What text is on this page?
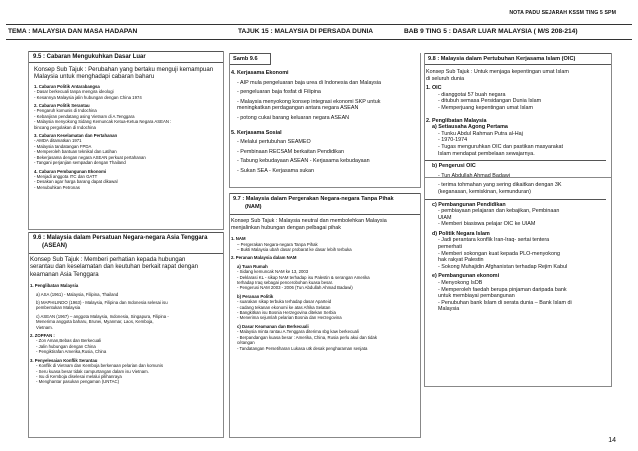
NOTA PADU SEJARAH KSSM TING 5 SPM
TEMA : MALAYSIA DAN MASA HADAPAN	TAJUK 15 : MALAYSIA DI PERSADA DUNIA	BAB 9 TING 5 : DASAR LUAR MALAYSIA ( M/S 208-214)
9.5 : Cabaran Mengukuhkan Dasar Luar
Konsep Sub Tajuk : Perubahan yang bertaku menguji kemampuan
Malaysia untuk menghadapi cabaran baharu
1. Cabaran Politik Antarabangsa
- Dasar berkecuali tanpa mengira ideologi
- Kesannya Malaysia jalin hubungan dengan China 1974
2. Cabaran Politik Serantau
- Pengaruh komunis di Indochina
- Kebanjiran pendatang asing Vietnam di A.Tenggara
- Malaysia menyokong Sidang Kemuncak Ketua-Ketua Negara ASEAN :
bincang pergolakan di Indochina
3. Cabaran Keselamatan dan Pertahanan
- AMDA ditamatkan 1971
- Malaysia tandatangan FPDA
- Memperoleh bantuan teknikal dan Latihan
- Bekerjasama dengan negara ASEAN perkuat pertahanan
- Tangani perjanjian sempadan dengan Thailand
4. Cabaran Pembangunan Ekonomi
- Menjadi anggota ITC dan GATT
- Desakan agar harga barang dapat dikawal
- Menubuhkan Petronas
9.6 : Malaysia dalam Persatuan Negara-negara Asia Tenggara
(ASEAN)
Konsep Sub Tajuk : Memberi perhatian kepada hubungan
serantau dan keselamatan dan keutuhan berkait rapat dengan
keamanan Asia Tenggara
1. Penglibatan Malaysia
a) ASA (1961) - Malaysia, Filipina, Thailand
b) MAPHILINDO (1963) - Malaysia, Filipina dan Indonesia selesai isu
pembentukan Malaysia
c) ASEAN (1967) – anggota Malaysia, Indonesia, Singapura, Filipina -
Menerima anggota baharu, Brunei, Myanmar, Laos, Kemboja,
Vietnam.
2. ZOPFAN :
- Zon Aman,Bebas dan Berkecuali
- Jalin hubungan dengan China
- Pengiktirafan Amerika,Rusia, China
3. Penyelesaian Konflik Serantau
- Konflik di Vietnam dan Kemboja berkenaan pelarian dan komunis
- Seru kuasa besar tidak campurtangan dalam isu Vietnam.
- Isu di Kemboja diselesai melalui pilihanraya
- Menghantar pasukan pengaman (UNTAC)
Samb 9.6
4. Kerjasama Ekonomi
- AIP mula pengeluaran baja urea di Indonesia dan Malaysia
- pengeluaran baja fosfat di Filipina
- Malaysia menyokong konsep integrasi ekonomi SKP untuk
meningkatkan perdagangan antara negara ASEAN
- potong cukai barang keluaran negara ASEAN
5. Kerjasama Sosial
- Melalui pertubuhan SEAMEO
- Pembinaan RECSAM berkaitan Pendidikan
- Tabung kebudayaan ASEAN - Kerjasama kebudayaan
- Sukan SEA - Kerjasama sukan
9.7 : Malaysia dalam Pergerakan Negara-negara Tanpa Pihak
(NAM)
Konsep Sub Tajuk : Malaysia neutral dan membolehkan Malaysia
menjalinkan hubungan dengan pelbagai pihak
1. NAM
– Pergerakan Negara-negara Tanpa Pihak
– Bukti Malaysia ubah dasar probarat ke dasar lebih terbuka
2. Peranan Malaysia dalam NAM
a) Tuan Rumah
- Sidang kemuncak NAM ke 13, 2003
- Deklarasi KL - sikap NAM terhadap isu Palestin & serangan Amerika
terhadap Iraq sebagai pencerobohan kuasa besar.
- Pengerusi NAM 2003 - 2006 (Tun Abdullah Ahmad Badawi)
b) Peranan Politik
- suarakan sikap terbuka terhadap dasar Aparteid
- cadang tekanan ekonomi ke atas Afrika Selatan
- Bangkitkan isu Bosnia Herzegovina ditekan Serbia
- Menerima sejumlah pelarian Bosnia dan Herzegovina
c) Dasar Keamanan dan Berkecuali
- Malaysia minta rantau A.Tenggara diterima sbg kaw berkecuali
- Berpandangan kuasa besar : Amerika, China, Rusia perlu akui dan tidak
cétangan
- Tandatangan Persetiharan Lukasa utk desak pengharaman senjata
9.8 : Malaysia dalam Pertubuhan Kerjasama Islam (OIC)
Konsep Sub Tajuk : Untuk menjaga kepentingan umat Islam
di seluruh dunia
1. OIC
- dianggotai 57 buah negara
- ditubuh semasa Persidangan Dunia Islam
- Memperjuang kepentingan umat Islam
2. Penglibatan Malaysia
a) Setiausaha Agong Pertama
- Tunku Abdul Rahman Putra al-Haj
- 1970-1974
- Tugas menguruhkan OIC dan pastikan masyarakat
Islam mendapat pembelaan sewajarnya.
b) Pengerusi OIC
- Tun Abdullah Ahmad Badawi
- terima tohmahan yang sering dikaitkan dengan 3K
(keganasan, kemiskinan, kemunduran)
c) Pembangunan Pendidikan
- pembiayaan pelajaran dan kebajikan, Pembinaan
UIAM
- Memberi biasiswa pelajar OIC ke UIAM
d) Politik Negara Islam
- Jadi perantara konflik Iran-Iraq- sertai tentera
pemerhati
- Memberi sokongan kuat kepada PLO-menyokong
hak rakyat Palestin
- Sokong Muhajidin Afghanistan terhadap Rejim Kabul
e) Pembangunan ekonomi
- Menyokong IsDB
- Memperoleh faedah berupa pinjaman daripada bank
untuk membiayai pembangunan
- Penubuhan bank Islam di serata dunia – Bank Islam di
Malaysia
14
